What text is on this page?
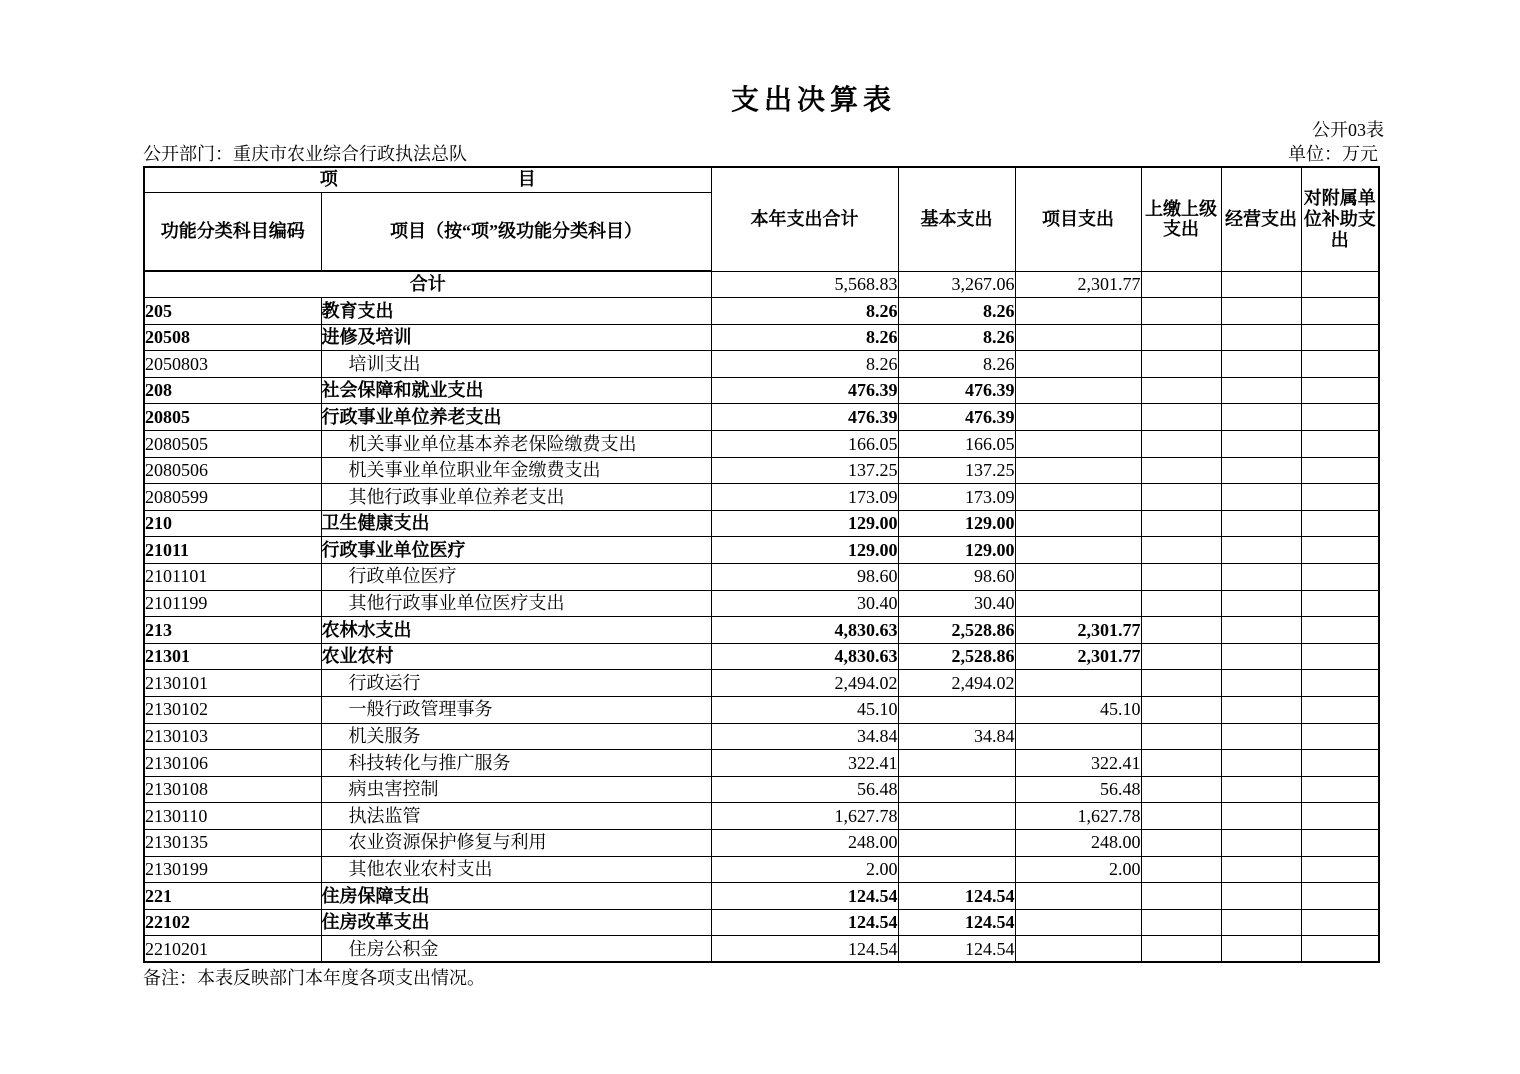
支出决算表
公开03表
公开部门：重庆市农业综合行政执法总队	单位：万元
项　　　　　　　　　　目		本年支出合计	基本支出	项目支出	上缴上级支出	经营支出	对附属单位补助支出
功能分类科目编码	项目（按“项”级功能分类科目）						
合计		5,568.83	3,267.06	2,301.77			
205	教育支出	8.26	8.26				
20508	进修及培训	8.26	8.26				
2050803	培训支出	8.26	8.26				
208	社会保障和就业支出	476.39	476.39				
20805	行政事业单位养老支出	476.39	476.39				
2080505	机关事业单位基本养老保险缴费支出	166.05	166.05				
2080506	机关事业单位职业年金缴费支出	137.25	137.25				
2080599	其他行政事业单位养老支出	173.09	173.09				
210	卫生健康支出	129.00	129.00				
21011	行政事业单位医疗	129.00	129.00				
2101101	行政单位医疗	98.60	98.60				
2101199	其他行政事业单位医疗支出	30.40	30.40				
213	农林水支出	4,830.63	2,528.86	2,301.77			
21301	农业农村	4,830.63	2,528.86	2,301.77			
2130101	行政运行	2,494.02	2,494.02				
2130102	一般行政管理事务	45.10		45.10			
2130103	机关服务	34.84	34.84				
2130106	科技转化与推广服务	322.41		322.41			
2130108	病虫害控制	56.48		56.48			
2130110	执法监管	1,627.78		1,627.78			
2130135	农业资源保护修复与利用	248.00		248.00			
2130199	其他农业农村支出	2.00		2.00			
221	住房保障支出	124.54	124.54				
22102	住房改革支出	124.54	124.54				
2210201	住房公积金	124.54	124.54				
备注：本表反映部门本年度各项支出情况。
